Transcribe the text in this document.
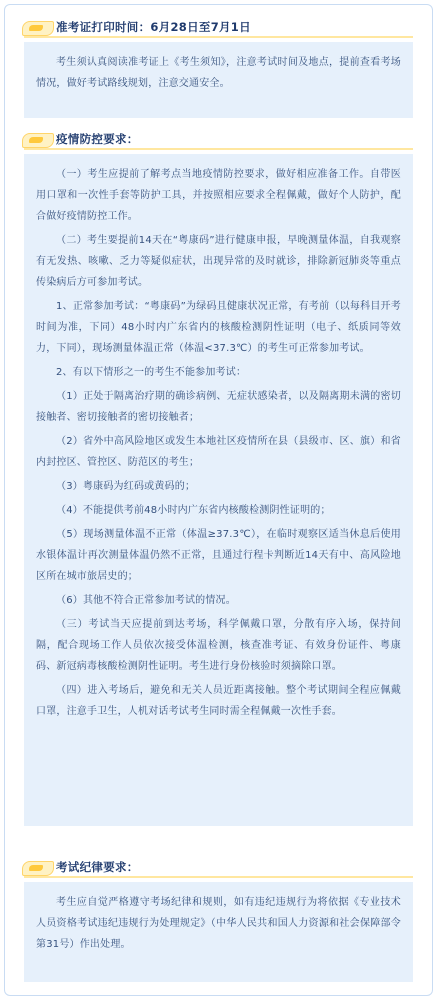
准考证打印时间：6月28日至7月1日

考生须认真阅读准考证上《考生须知》，注意考试时间及地点，提前查看考场情况，做好考试路线规划，注意交通安全。

疫情防控要求：

（一）考生应提前了解考点当地疫情防控要求，做好相应准备工作。自带医用口罩和一次性手套等防护工具，并按照相应要求全程佩戴，做好个人防护，配合做好疫情防控工作。

（二）考生要提前14天在“粤康码”进行健康申报，早晚测量体温，自我观察有无发热、咳嗽、乏力等疑似症状，出现异常的及时就诊，排除新冠肺炎等重点传染病后方可参加考试。

1、正常参加考试：“粤康码”为绿码且健康状况正常，有考前（以每科目开考时间为准，下同）48小时内广东省内的核酸检测阴性证明（电子、纸质同等效力，下同），现场测量体温正常（体温<37.3℃）的考生可正常参加考试。

2、有以下情形之一的考生不能参加考试：

（1）正处于隔离治疗期的确诊病例、无症状感染者，以及隔离期未满的密切接触者、密切接触者的密切接触者；

（2）省外中高风险地区或发生本地社区疫情所在县（县级市、区、旗）和省内封控区、管控区、防范区的考生；

（3）粤康码为红码或黄码的；

（4）不能提供考前48小时内广东省内核酸检测阴性证明的；

（5）现场测量体温不正常（体温≥37.3℃），在临时观察区适当休息后使用水银体温计再次测量体温仍然不正常，且通过行程卡判断近14天有中、高风险地区所在城市旅居史的；

（6）其他不符合正常参加考试的情况。

（三）考试当天应提前到达考场，科学佩戴口罩，分散有序入场，保持间隔，配合现场工作人员依次接受体温检测，核查准考证、有效身份证件、粤康码、新冠病毒核酸检测阴性证明。考生进行身份核验时须摘除口罩。

（四）进入考场后，避免和无关人员近距离接触。整个考试期间全程应佩戴口罩，注意手卫生，人机对话考试考生同时需全程佩戴一次性手套。

考试纪律要求：

考生应自觉严格遵守考场纪律和规则，如有违纪违规行为将依据《专业技术人员资格考试违纪违规行为处理规定》（中华人民共和国人力资源和社会保障部令第31号）作出处理。
